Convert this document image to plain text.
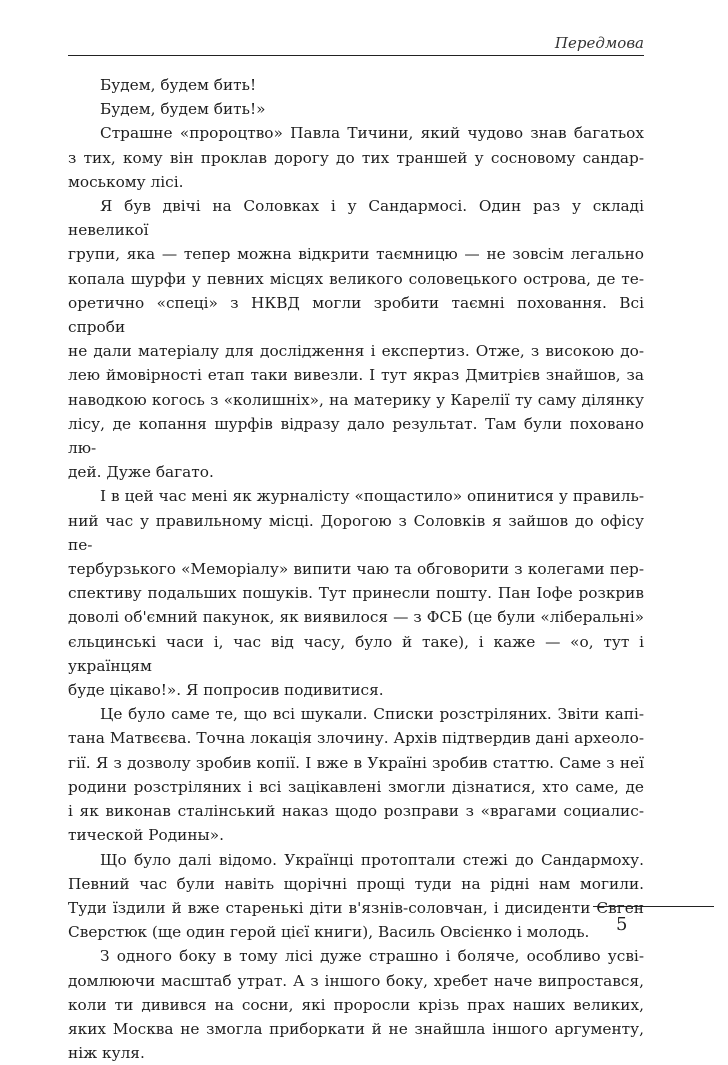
Передмова

Будем, будем бить!

Будем, будем бить!»

Страшне «пророцтво» Павла Тичини, який чудово знав багатьох

з тих, кому він проклав дорогу до тих траншей у сосновому сандар-

моському лісі.

Я був двічі на Соловках і у Сандармосі. Один раз у складі невеликої

групи, яка — тепер можна відкрити таємницю — не зовсім легально

копала шурфи у певних місцях великого соловецького острова, де те-

оретично «спеці» з НКВД могли зробити таємні поховання. Всі спроби

не дали матеріалу для дослідження і експертиз. Отже, з високою до-

лею ймовірності етап таки вивезли. І тут якраз Дмитрієв знайшов, за

наводкою когось з «колишніх», на материку у Карелії ту саму ділянку

лісу, де копання шурфів відразу дало результат. Там були поховано лю-

дей. Дуже багато.

І в цей час мені як журналісту «пощастило» опинитися у правиль-

ний час у правильному місці. Дорогою з Соловків я зайшов до офісу пе-

тербурзького «Меморіалу» випити чаю та обговорити з колегами пер-

спективу подальших пошуків. Тут принесли пошту. Пан Іофе розкрив

доволі об'ємний пакунок, як виявилося — з ФСБ (це були «ліберальні»

єльцинські часи і, час від часу, було й таке), і каже — «о, тут і українцям

буде цікаво!». Я попросив подивитися.

Це було саме те, що всі шукали. Списки розстріляних. Звіти капі-

тана Матвєєва. Точна локація злочину. Архів підтвердив дані археоло-

гії. Я з дозволу зробив копії. І вже в Україні зробив статтю. Саме з неї

родини розстріляних і всі зацікавлені змогли дізнатися, хто саме, де

і як виконав сталінський наказ щодо розправи з «врагами социалис-

тической Родины».

Що було далі відомо. Українці протоптали стежі до Сандармоху.

Певний час були навіть щорічні прощі туди на рідні нам могили.

Туди їздили й вже старенькі діти в'язнів-соловчан, і дисиденти Євген

Сверстюк (ще один герой цієї книги), Василь Овсієнко і молодь.

З одного боку в тому лісі дуже страшно і боляче, особливо усві-

домлюючи масштаб утрат. А з іншого боку, хребет наче випростався,

коли ти дивився на сосни, які проросли крізь прах наших великих,

яких Москва не змогла приборкати й не знайшла іншого аргументу,

ніж куля.

5
